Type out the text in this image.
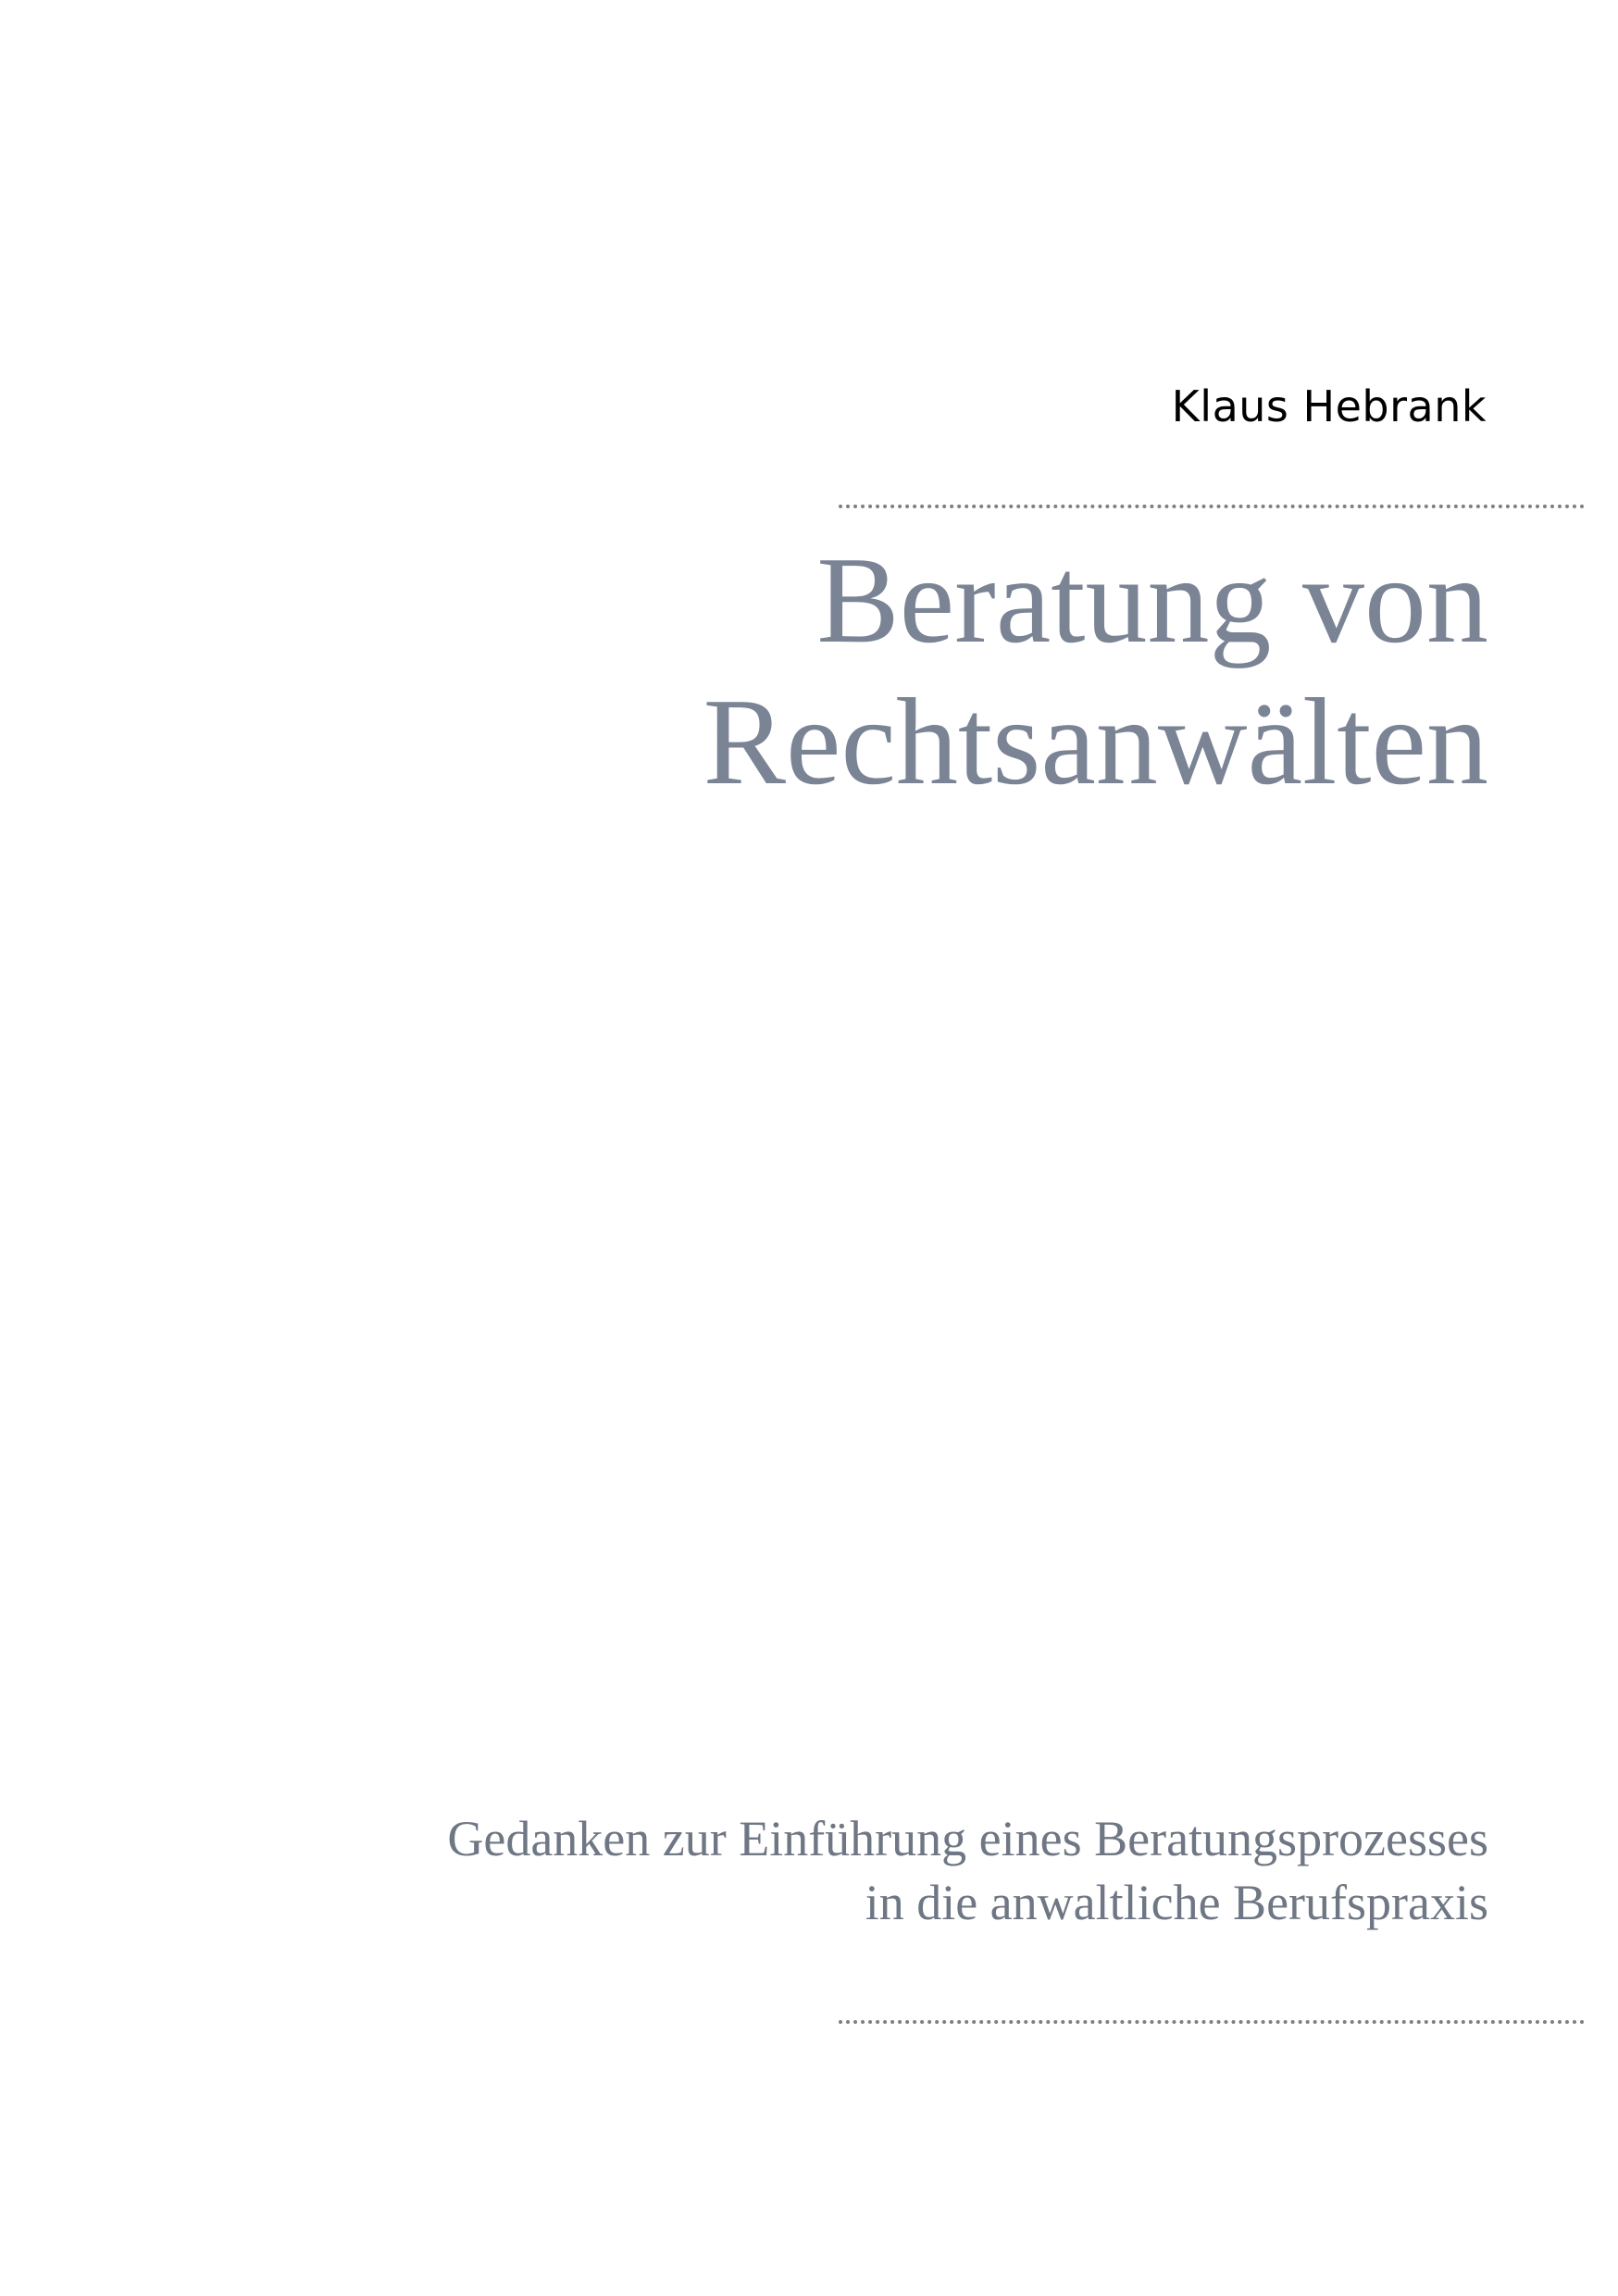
Klaus Hebrank
Beratung von
Rechtsanwälten
Gedanken zur Einführung eines Beratungsprozesses
in die anwaltliche Berufspraxis
